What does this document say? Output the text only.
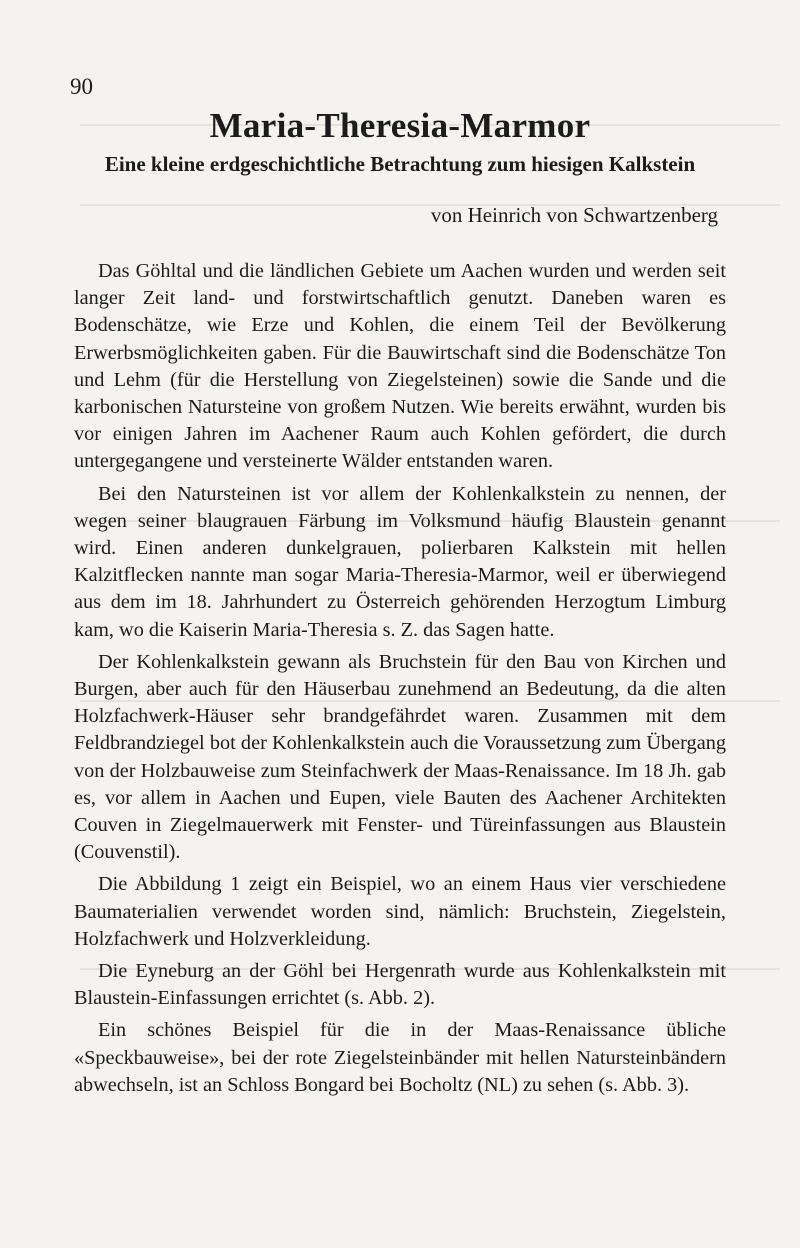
90
Maria-Theresia-Marmor
Eine kleine erdgeschichtliche Betrachtung zum hiesigen Kalkstein
von Heinrich von Schwartzenberg

Das Göhltal und die ländlichen Gebiete um Aachen wurden und werden seit langer Zeit land- und forstwirtschaftlich genutzt. Daneben waren es Bodenschätze, wie Erze und Kohlen, die einem Teil der Bevölkerung Erwerbsmöglichkeiten gaben. Für die Bauwirtschaft sind die Bodenschätze Ton und Lehm (für die Herstellung von Ziegelsteinen) sowie die Sande und die karbonischen Natursteine von großem Nutzen. Wie bereits erwähnt, wurden bis vor einigen Jahren im Aachener Raum auch Kohlen gefördert, die durch untergegangene und versteinerte Wälder entstanden waren.

Bei den Natursteinen ist vor allem der Kohlenkalkstein zu nennen, der wegen seiner blaugrauen Färbung im Volksmund häufig Blaustein genannt wird. Einen anderen dunkelgrauen, polierbaren Kalkstein mit hellen Kalzitflecken nannte man sogar Maria-Theresia-Marmor, weil er überwiegend aus dem im 18. Jahrhundert zu Österreich gehörenden Herzogtum Limburg kam, wo die Kaiserin Maria-Theresia s. Z. das Sagen hatte.

Der Kohlenkalkstein gewann als Bruchstein für den Bau von Kirchen und Burgen, aber auch für den Häuserbau zunehmend an Bedeutung, da die alten Holzfachwerk-Häuser sehr brandgefährdet waren. Zusammen mit dem Feldbrandziegel bot der Kohlenkalkstein auch die Voraussetzung zum Übergang von der Holzbauweise zum Steinfachwerk der Maas-Renaissance. Im 18 Jh. gab es, vor allem in Aachen und Eupen, viele Bauten des Aachener Architekten Couven in Ziegelmauerwerk mit Fenster- und Türeinfassungen aus Blaustein (Couvenstil).

Die Abbildung 1 zeigt ein Beispiel, wo an einem Haus vier verschiedene Baumaterialien verwendet worden sind, nämlich: Bruchstein, Ziegelstein, Holzfachwerk und Holzverkleidung.

Die Eyneburg an der Göhl bei Hergenrath wurde aus Kohlenkalkstein mit Blaustein-Einfassungen errichtet (s. Abb. 2).

Ein schönes Beispiel für die in der Maas-Renaissance übliche «Speckbauweise», bei der rote Ziegelsteinbänder mit hellen Natursteinbändern abwechseln, ist an Schloss Bongard bei Bocholtz (NL) zu sehen (s. Abb. 3).
